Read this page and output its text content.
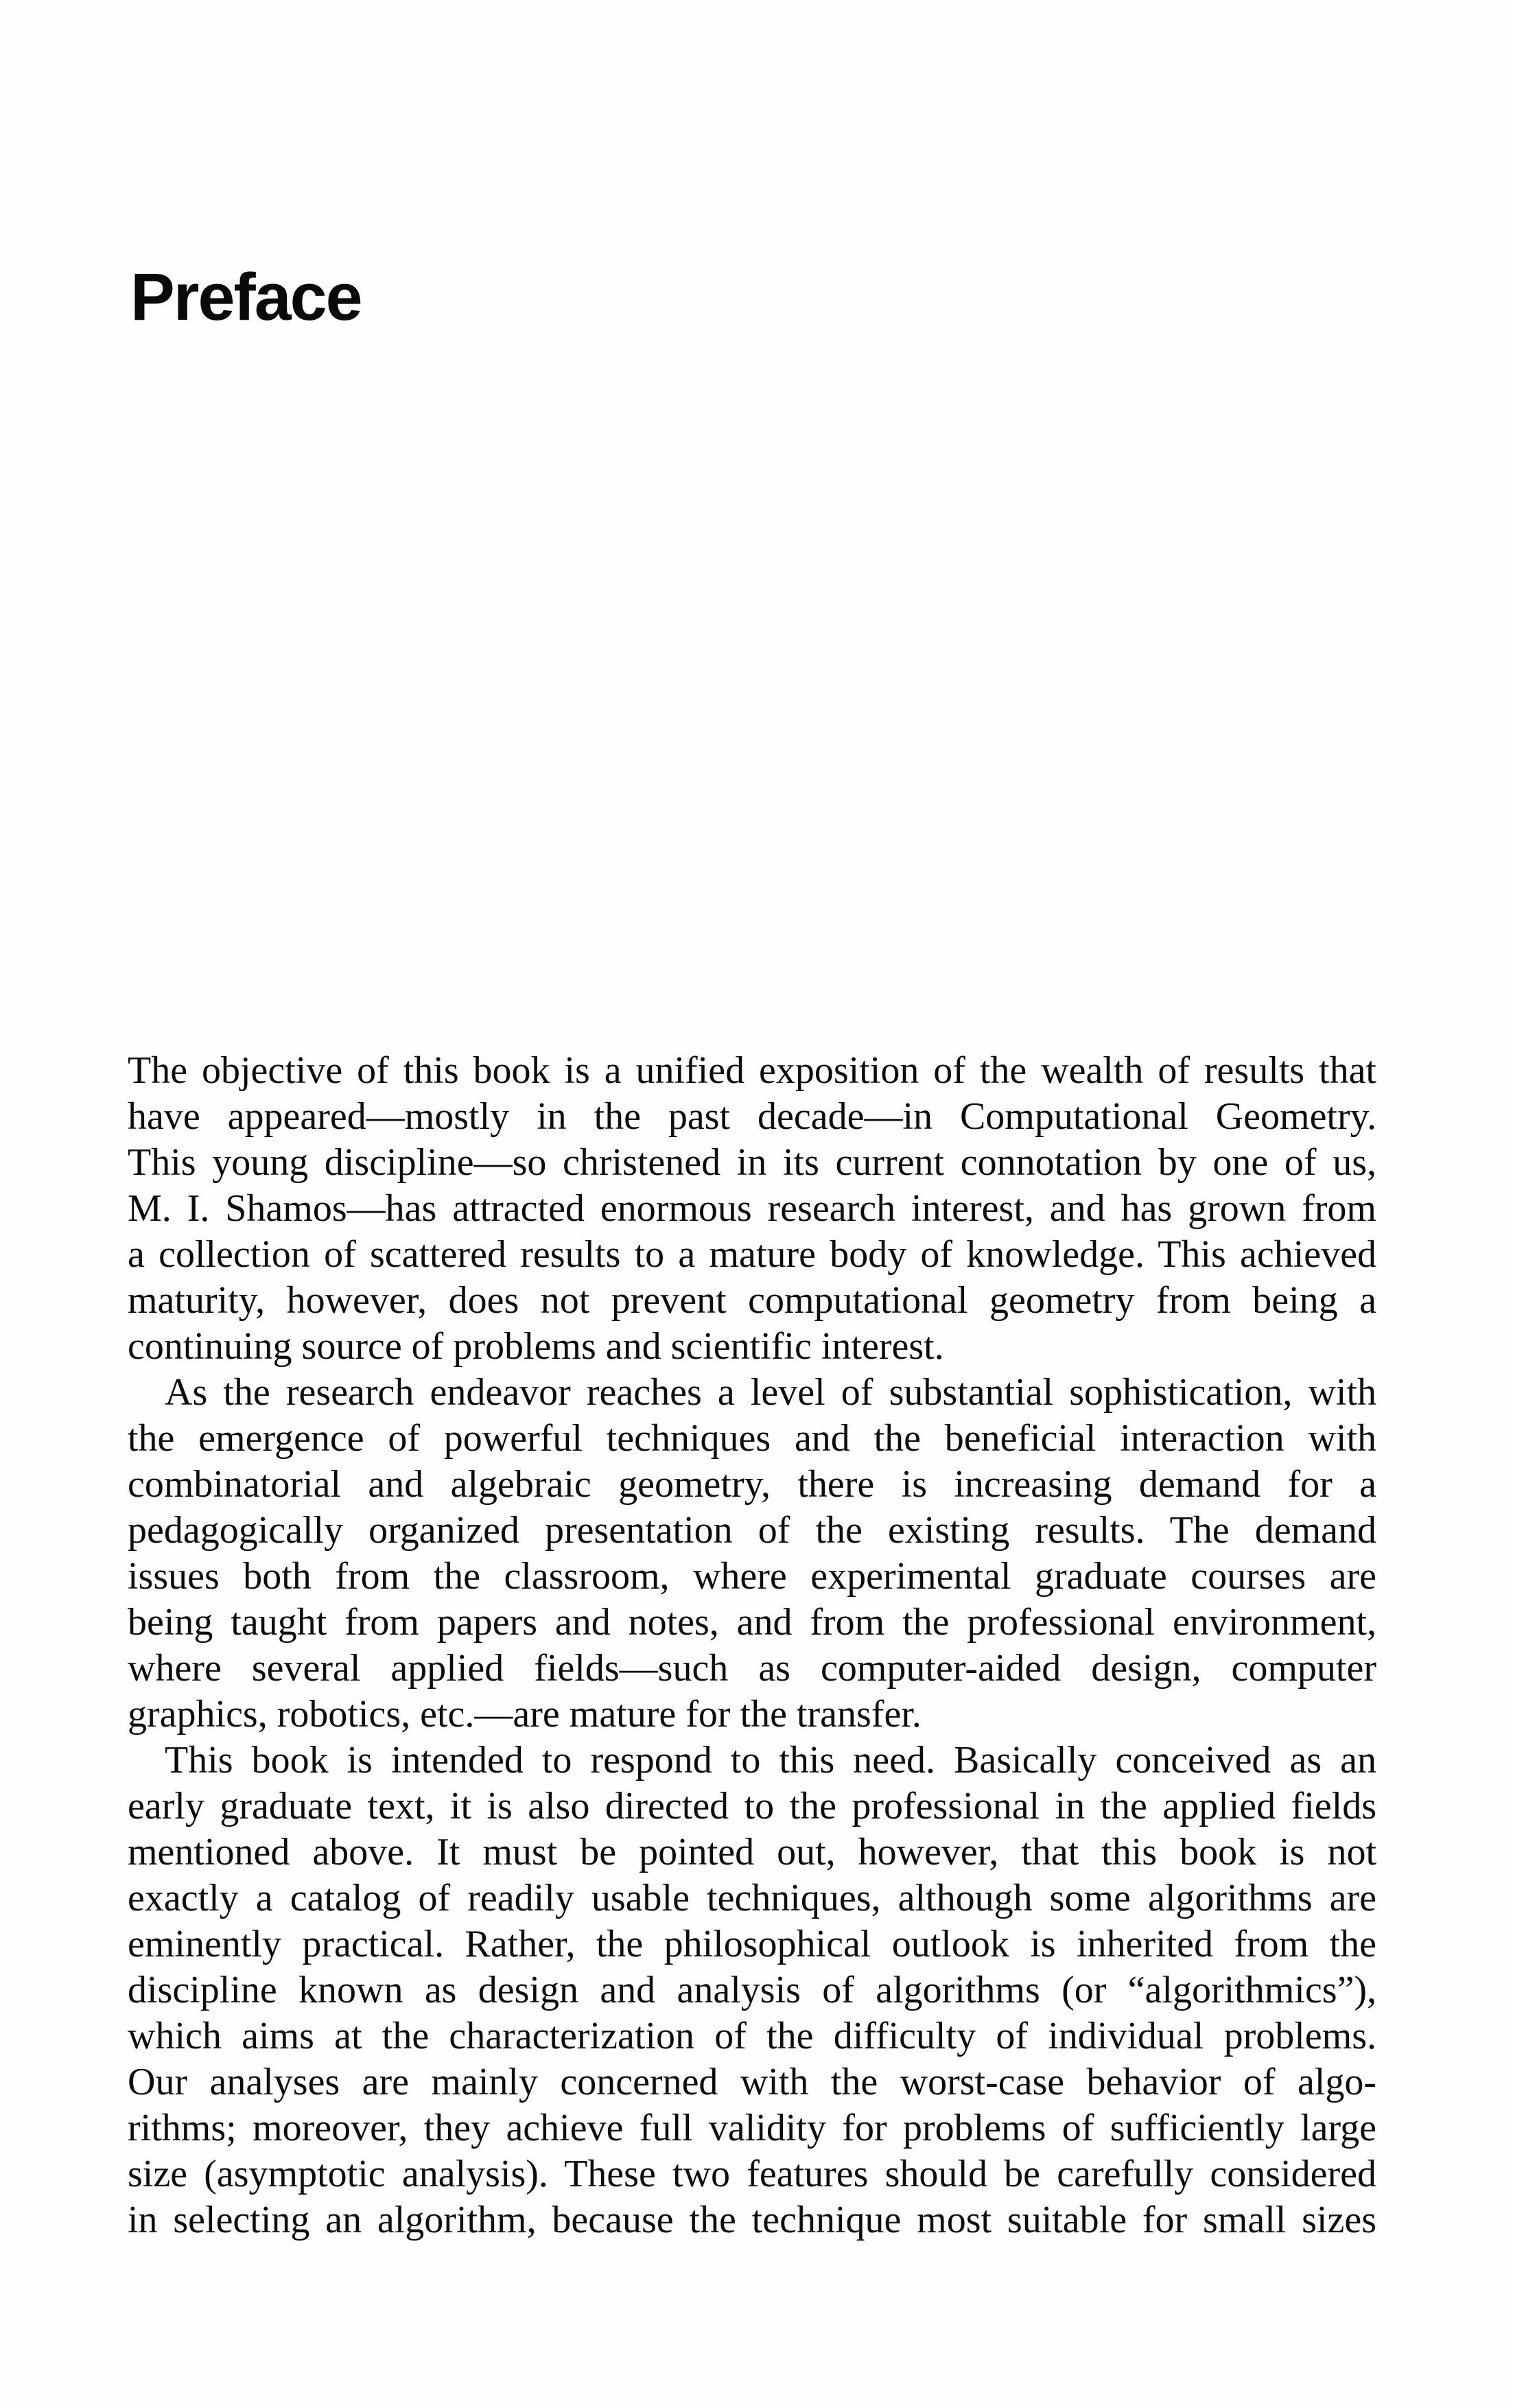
Preface
The objective of this book is a unified exposition of the wealth of results that
have appeared—mostly in the past decade—in Computational Geometry.
This young discipline—so christened in its current connotation by one of us,
M. I. Shamos—has attracted enormous research interest, and has grown from
a collection of scattered results to a mature body of knowledge. This achieved
maturity, however, does not prevent computational geometry from being a
continuing source of problems and scientific interest.
As the research endeavor reaches a level of substantial sophistication, with
the emergence of powerful techniques and the beneficial interaction with
combinatorial and algebraic geometry, there is increasing demand for a
pedagogically organized presentation of the existing results. The demand
issues both from the classroom, where experimental graduate courses are
being taught from papers and notes, and from the professional environment,
where several applied fields—such as computer-aided design, computer
graphics, robotics, etc.—are mature for the transfer.
This book is intended to respond to this need. Basically conceived as an
early graduate text, it is also directed to the professional in the applied fields
mentioned above. It must be pointed out, however, that this book is not
exactly a catalog of readily usable techniques, although some algorithms are
eminently practical. Rather, the philosophical outlook is inherited from the
discipline known as design and analysis of algorithms (or “algorithmics”),
which aims at the characterization of the difficulty of individual problems.
Our analyses are mainly concerned with the worst-case behavior of algo-
rithms; moreover, they achieve full validity for problems of sufficiently large
size (asymptotic analysis). These two features should be carefully considered
in selecting an algorithm, because the technique most suitable for small sizes
